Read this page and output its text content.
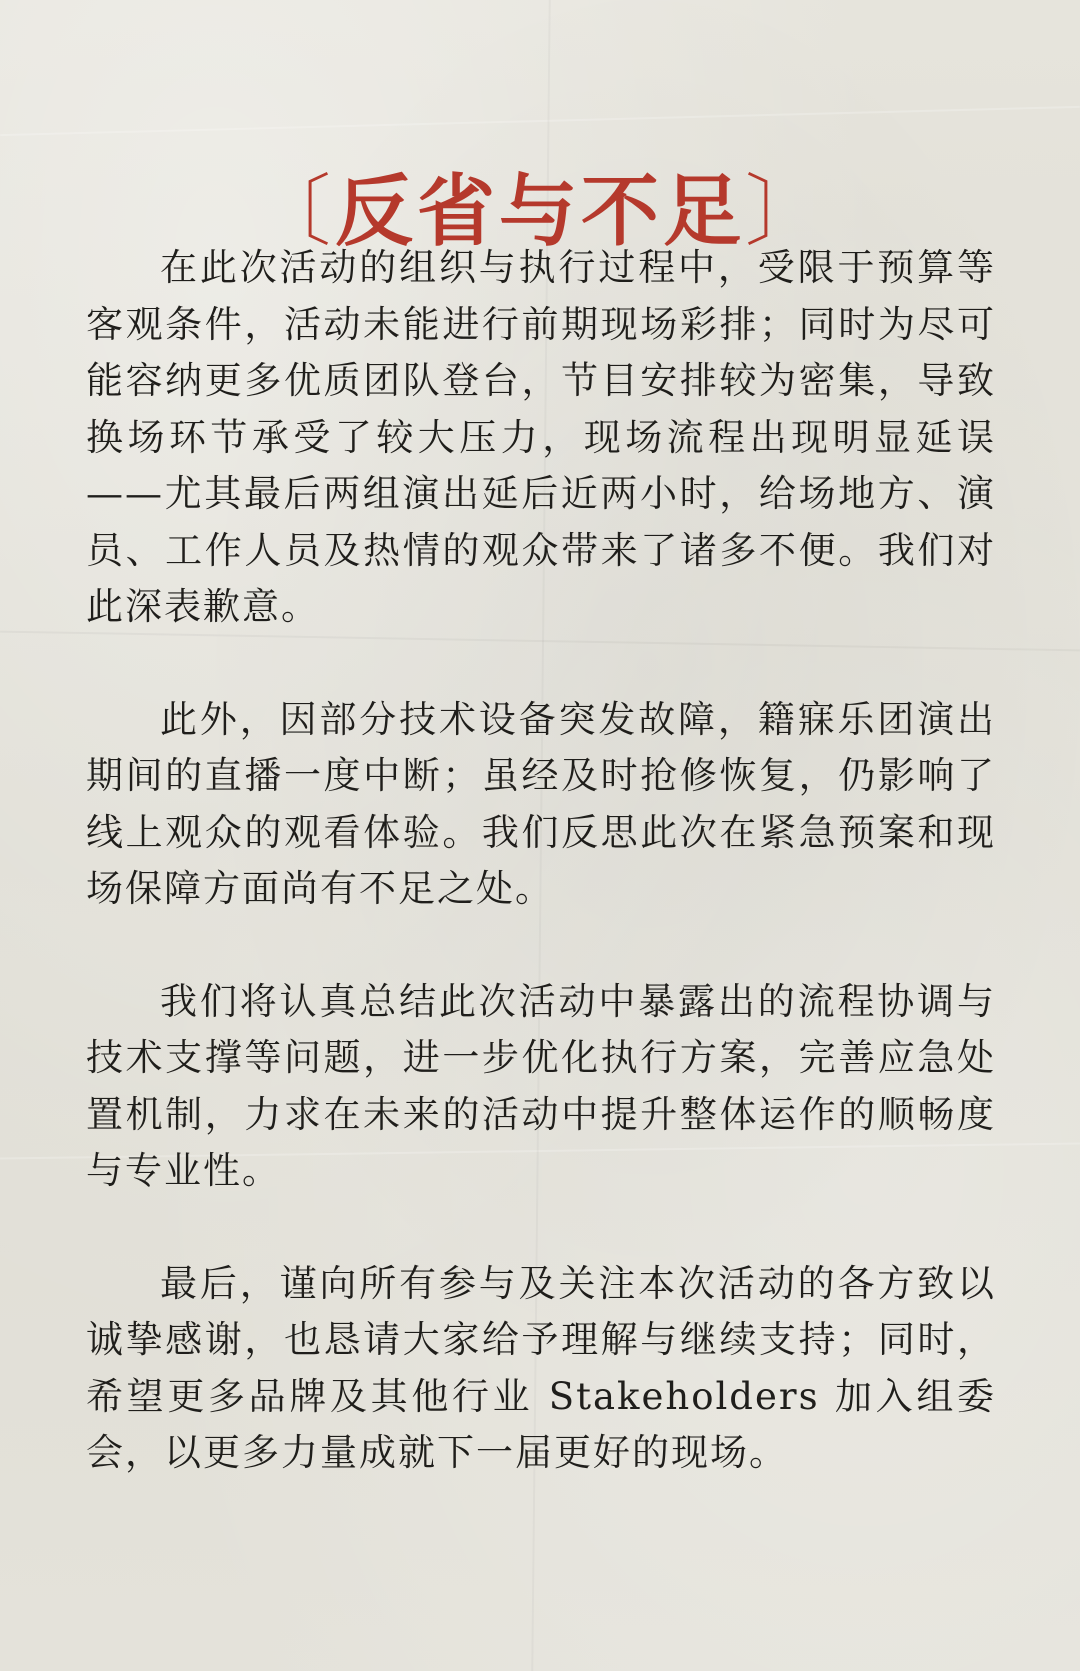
〔反省与不足〕

在此次活动的组织与执行过程中，受限于预算等客观条件，活动未能进行前期现场彩排；同时为尽可能容纳更多优质团队登台，节目安排较为密集，导致换场环节承受了较大压力，现场流程出现明显延误——尤其最后两组演出延后近两小时，给场地方、演员、工作人员及热情的观众带来了诸多不便。我们对此深表歉意。

此外，因部分技术设备突发故障，籍寐乐团演出期间的直播一度中断；虽经及时抢修恢复，仍影响了线上观众的观看体验。我们反思此次在紧急预案和现场保障方面尚有不足之处。

我们将认真总结此次活动中暴露出的流程协调与技术支撑等问题，进一步优化执行方案，完善应急处置机制，力求在未来的活动中提升整体运作的顺畅度与专业性。

最后，谨向所有参与及关注本次活动的各方致以诚挚感谢，也恳请大家给予理解与继续支持；同时，希望更多品牌及其他行业 Stakeholders 加入组委会，以更多力量成就下一届更好的现场。
